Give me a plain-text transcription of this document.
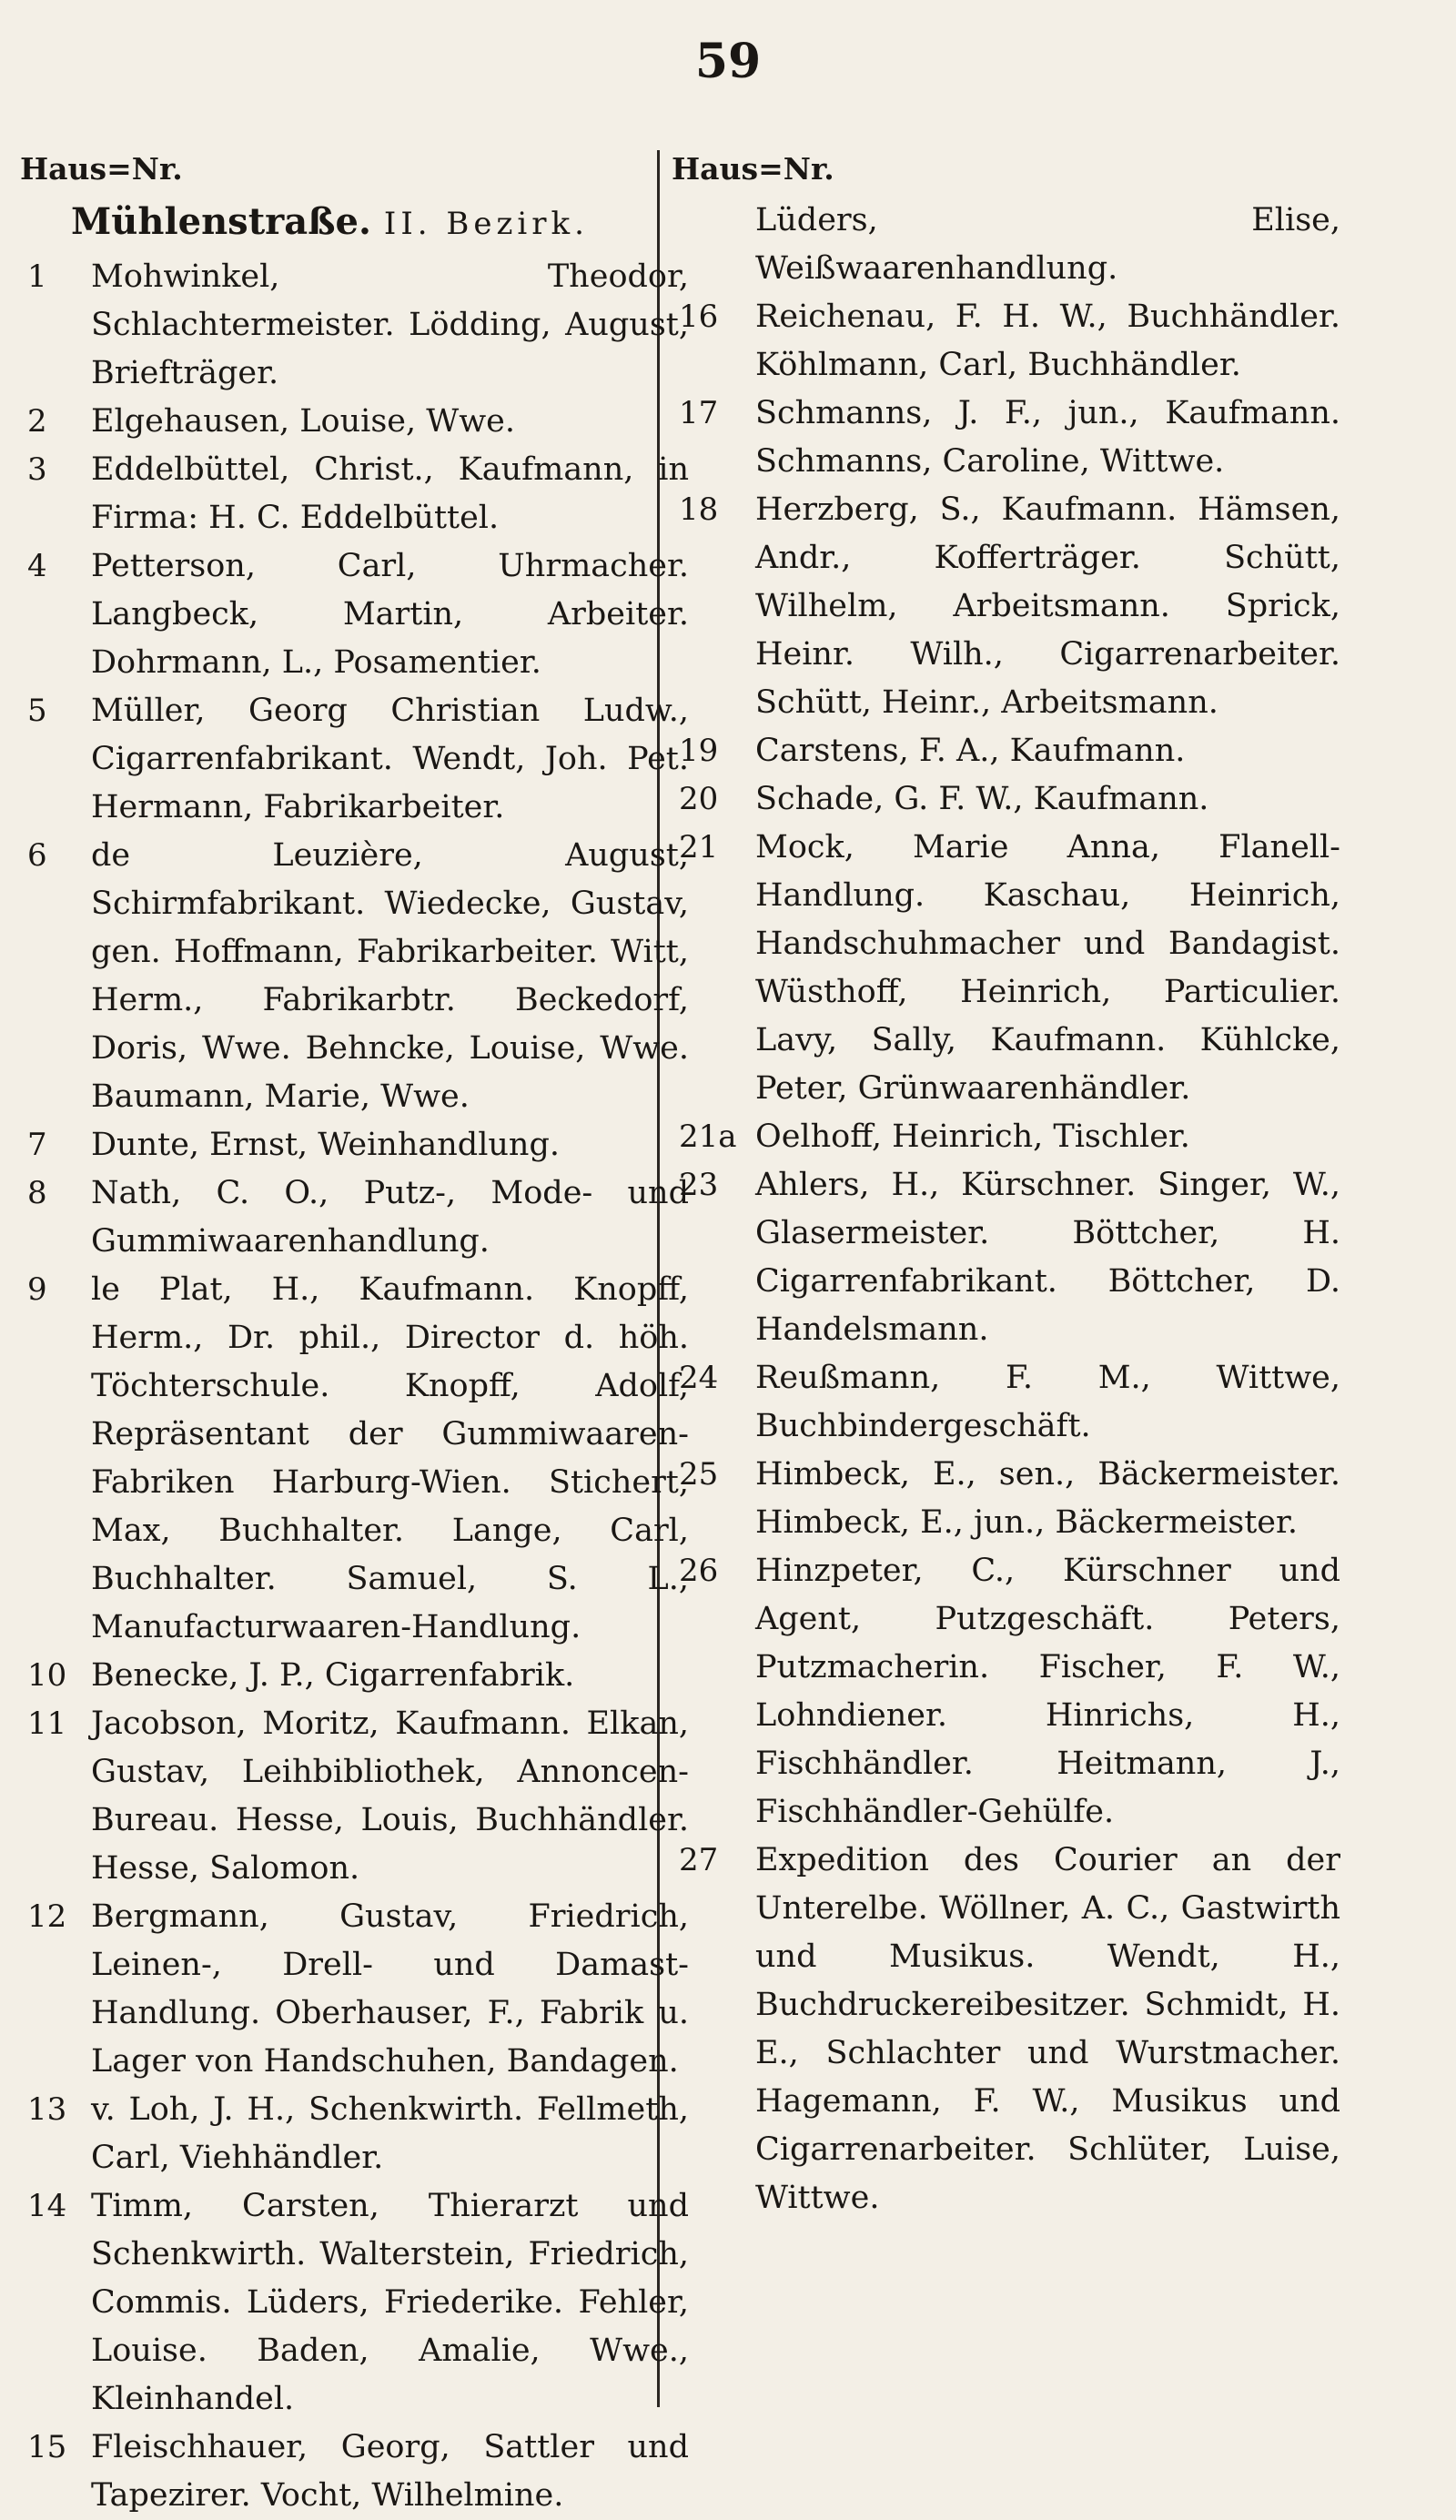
59
Haus=Nr.
Mühlenstraße. II. Bezirk.
1	Mohwinkel, Theodor, Schlachtermeister. Lödding, August, Briefträger.
2	Elgehausen, Louise, Wwe.
3	Eddelbüttel, Christ., Kaufmann, in Firma: H. C. Eddelbüttel.
4	Petterson, Carl, Uhrmacher. Langbeck, Martin, Arbeiter. Dohrmann, L., Posamentier.
5	Müller, Georg Christian Ludw., Cigarrenfabrikant. Wendt, Joh. Pet. Hermann, Fabrikarbeiter.
6	de Leuzière, August, Schirmfabrikant. Wiedecke, Gustav, gen. Hoffmann, Fabrikarbeiter. Witt, Herm., Fabrikarbtr. Beckedorf, Doris, Wwe. Behncke, Louise, Wwe. Baumann, Marie, Wwe.
7	Dunte, Ernst, Weinhandlung.
8	Nath, C. O., Putz-, Mode- und Gummiwaarenhandlung.
9	le Plat, H., Kaufmann. Knopff, Herm., Dr. phil., Director d. höh. Töchterschule. Knopff, Adolf, Repräsentant der Gummiwaaren-Fabriken Harburg-Wien. Stichert, Max, Buchhalter. Lange, Carl, Buchhalter. Samuel, S. L., Manufacturwaaren-Handlung.
10 Benecke, J. P., Cigarrenfabrik.
11 Jacobson, Moritz, Kaufmann. Elkan, Gustav, Leihbibliothek, Annoncen-Bureau. Hesse, Louis, Buchhändler. Hesse, Salomon.
12 Bergmann, Gustav, Friedrich, Leinen-, Drell- und Damast-Handlung. Oberhauser, F., Fabrik u. Lager von Handschuhen, Bandagen.
13 v. Loh, J. H., Schenkwirth. Fellmeth, Carl, Viehhändler.
14 Timm, Carsten, Thierarzt und Schenkwirth. Walterstein, Friedrich, Commis. Lüders, Friederike. Fehler, Louise. Baden, Amalie, Wwe., Kleinhandel.
15 Fleischhauer, Georg, Sattler und Tapezirer. Vocht, Wilhelmine.
Haus=Nr.
Lüders, Elise, Weißwaarenhandlung.
16	Reichenau, F. H. W., Buchhändler. Köhlmann, Carl, Buchhändler.
17	Schmanns, J. F., jun., Kaufmann. Schmanns, Caroline, Wittwe.
18	Herzberg, S., Kaufmann. Hämsen, Andr., Kofferträger. Schütt, Wilhelm, Arbeitsmann. Sprick, Heinr. Wilh., Cigarrenarbeiter. Schütt, Heinr., Arbeitsmann.
19	Carstens, F. A., Kaufmann.
20	Schade, G. F. W., Kaufmann.
21	Mock, Marie Anna, Flanell-Handlung. Kaschau, Heinrich, Handschuhmacher und Bandagist. Wüsthoff, Heinrich, Particulier. Lavy, Sally, Kaufmann. Kühlcke, Peter, Grünwaarenhändler.
21a Oelhoff, Heinrich, Tischler.
23	Ahlers, H., Kürschner. Singer, W., Glasermeister. Böttcher, H. Cigarrenfabrikant. Böttcher, D. Handelsmann.
24	Reußmann, F. M., Wittwe, Buchbindergeschäft.
25	Himbeck, E., sen., Bäckermeister. Himbeck, E., jun., Bäckermeister.
26	Hinzpeter, C., Kürschner und Agent, Putzgeschäft. Peters, Putzmacherin. Fischer, F. W., Lohndiener. Hinrichs, H., Fischhändler. Heitmann, J., Fischhändler-Gehülfe.
27	Expedition des Courier an der Unterelbe. Wöllner, A. C., Gastwirth und Musikus. Wendt, H., Buchdruckereibesitzer. Schmidt, H. E., Schlachter und Wurstmacher. Hagemann, F. W., Musikus und Cigarrenarbeiter. Schlüter, Luise, Wittwe.
